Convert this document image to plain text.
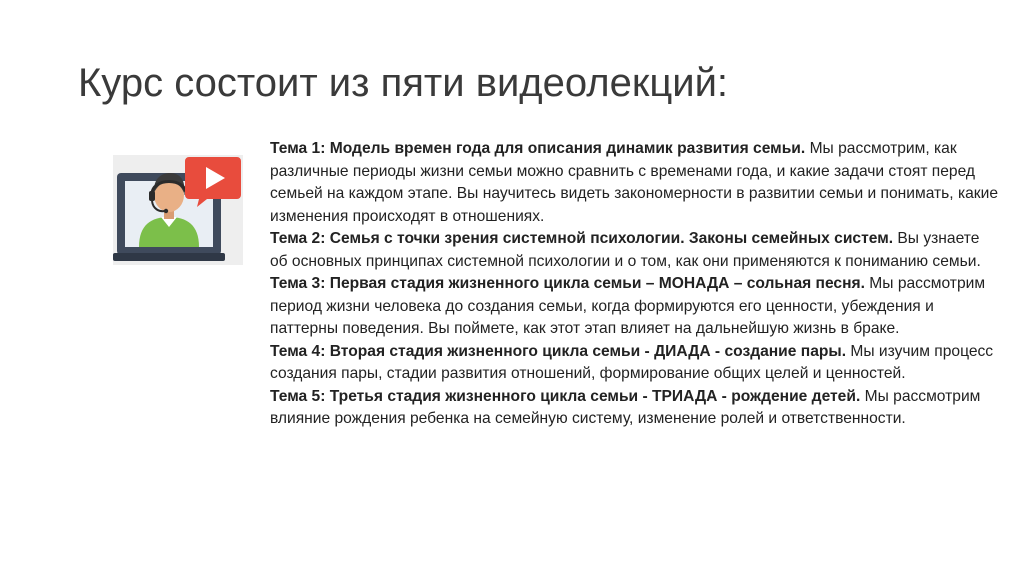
Курс состоит из пяти видеолекций:

Тема 1: Модель времен года для описания динамик развития семьи. Мы рассмотрим, как различные периоды жизни семьи можно сравнить с временами года, и какие задачи стоят перед семьей на каждом этапе. Вы научитесь видеть закономерности в развитии семьи и понимать, какие изменения происходят в отношениях.

Тема 2: Семья с точки зрения системной психологии. Законы семейных систем. Вы узнаете об основных принципах системной психологии и о том, как они применяются к пониманию семьи.

Тема 3: Первая стадия жизненного цикла семьи – МОНАДА – сольная песня. Мы рассмотрим период жизни человека до создания семьи, когда формируются его ценности, убеждения и паттерны поведения. Вы поймете, как этот этап влияет на дальнейшую жизнь в браке.

Тема 4: Вторая стадия жизненного цикла семьи - ДИАДА - создание пары. Мы изучим процесс создания пары, стадии развития отношений, формирование общих целей и ценностей.

Тема 5: Третья стадия жизненного цикла семьи - ТРИАДА - рождение детей. Мы рассмотрим влияние рождения ребенка на семейную систему, изменение ролей и ответственности.
